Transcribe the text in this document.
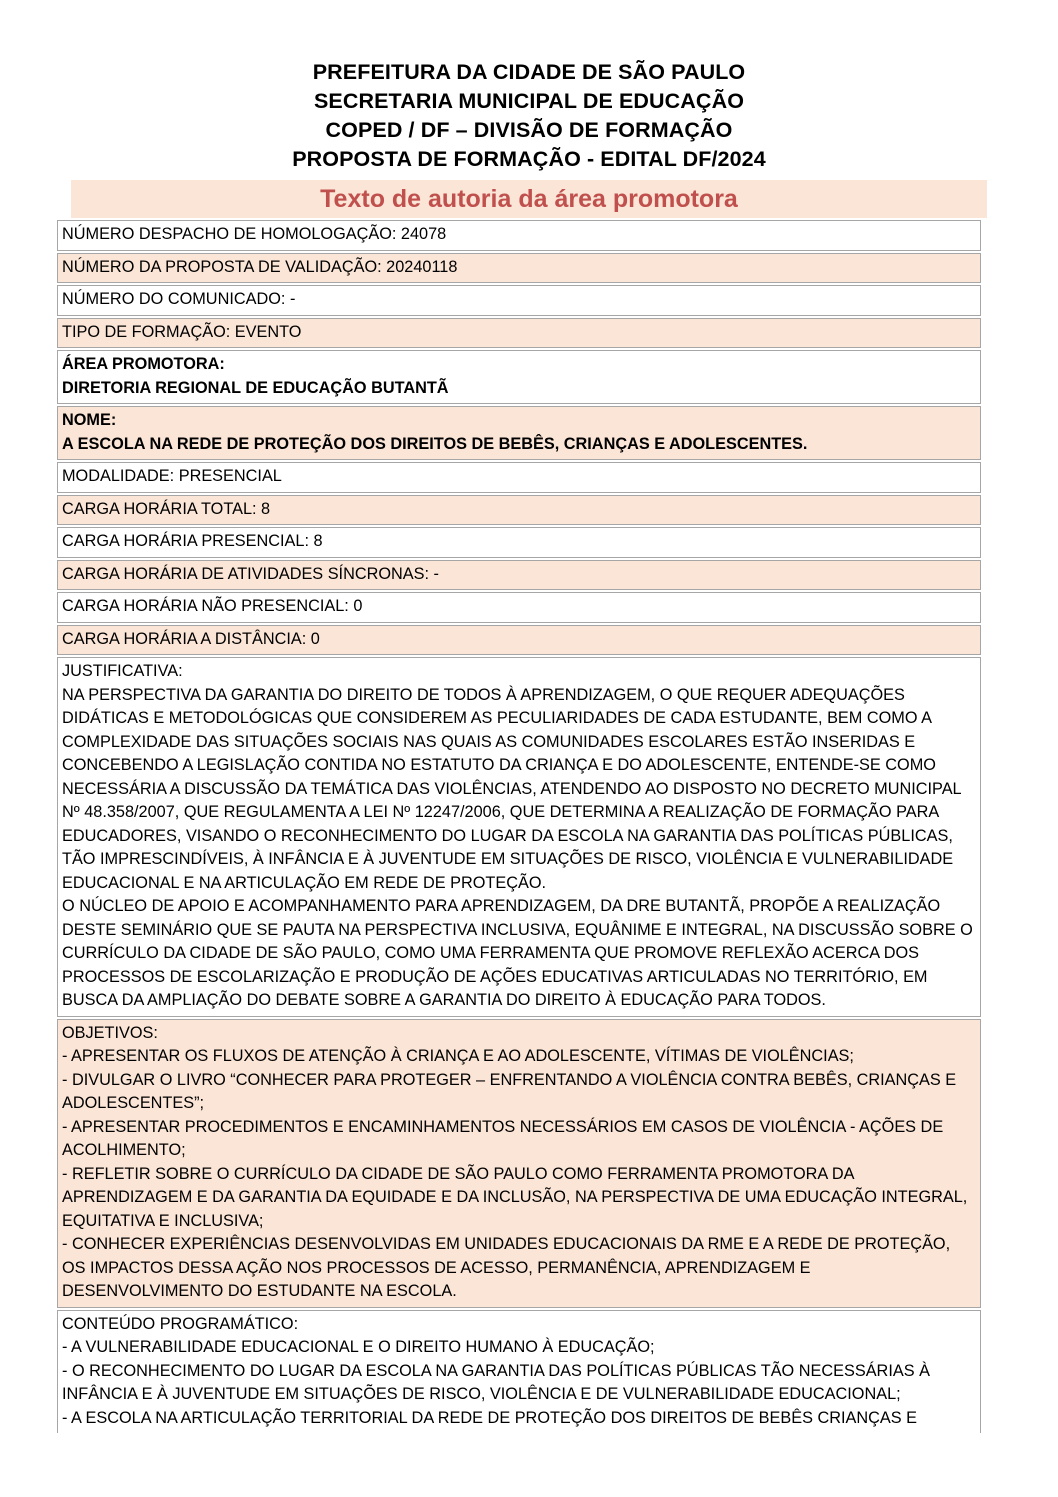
PREFEITURA DA CIDADE DE SÃO PAULO
SECRETARIA MUNICIPAL DE EDUCAÇÃO
COPED / DF – DIVISÃO DE FORMAÇÃO
PROPOSTA DE FORMAÇÃO - EDITAL DF/2024
Texto de autoria da área promotora
NÚMERO DESPACHO DE HOMOLOGAÇÃO: 24078
NÚMERO DA PROPOSTA DE VALIDAÇÃO: 20240118
NÚMERO DO COMUNICADO: -
TIPO DE FORMAÇÃO: EVENTO

ÁREA PROMOTORA:
DIRETORIA REGIONAL DE EDUCAÇÃO BUTANTÃ

NOME:
A ESCOLA NA REDE DE PROTEÇÃO DOS DIREITOS DE BEBÊS, CRIANÇAS E ADOLESCENTES.

MODALIDADE: PRESENCIAL
CARGA HORÁRIA TOTAL: 8
CARGA HORÁRIA PRESENCIAL: 8
CARGA HORÁRIA DE ATIVIDADES SÍNCRONAS: -
CARGA HORÁRIA NÃO PRESENCIAL: 0
CARGA HORÁRIA A DISTÂNCIA: 0

JUSTIFICATIVA:
NA PERSPECTIVA DA GARANTIA DO DIREITO DE TODOS À APRENDIZAGEM, O QUE REQUER ADEQUAÇÕES DIDÁTICAS E METODOLÓGICAS QUE CONSIDEREM AS PECULIARIDADES DE CADA ESTUDANTE, BEM COMO A COMPLEXIDADE DAS SITUAÇÕES SOCIAIS NAS QUAIS AS COMUNIDADES ESCOLARES ESTÃO INSERIDAS E CONCEBENDO A LEGISLAÇÃO CONTIDA NO ESTATUTO DA CRIANÇA E DO ADOLESCENTE, ENTENDE-SE COMO NECESSÁRIA A DISCUSSÃO DA TEMÁTICA DAS VIOLÊNCIAS, ATENDENDO AO DISPOSTO NO DECRETO MUNICIPAL Nº 48.358/2007, QUE REGULAMENTA A LEI Nº 12247/2006, QUE DETERMINA A REALIZAÇÃO DE FORMAÇÃO PARA EDUCADORES, VISANDO O RECONHECIMENTO DO LUGAR DA ESCOLA NA GARANTIA DAS POLÍTICAS PÚBLICAS, TÃO IMPRESCINDÍVEIS, À INFÂNCIA E À JUVENTUDE EM SITUAÇÕES DE RISCO, VIOLÊNCIA E VULNERABILIDADE EDUCACIONAL E NA ARTICULAÇÃO EM REDE DE PROTEÇÃO.
O NÚCLEO DE APOIO E ACOMPANHAMENTO PARA APRENDIZAGEM, DA DRE BUTANTÃ, PROPÕE A REALIZAÇÃO DESTE SEMINÁRIO QUE SE PAUTA NA PERSPECTIVA INCLUSIVA, EQUÂNIME E INTEGRAL, NA DISCUSSÃO SOBRE O CURRÍCULO DA CIDADE DE SÃO PAULO, COMO UMA FERRAMENTA QUE PROMOVE REFLEXÃO ACERCA DOS PROCESSOS DE ESCOLARIZAÇÃO E PRODUÇÃO DE AÇÕES EDUCATIVAS ARTICULADAS NO TERRITÓRIO, EM BUSCA DA AMPLIAÇÃO DO DEBATE SOBRE A GARANTIA DO DIREITO À EDUCAÇÃO PARA TODOS.

OBJETIVOS:
- APRESENTAR OS FLUXOS DE ATENÇÃO À CRIANÇA E AO ADOLESCENTE, VÍTIMAS DE VIOLÊNCIAS;
- DIVULGAR O LIVRO “CONHECER PARA PROTEGER – ENFRENTANDO A VIOLÊNCIA CONTRA BEBÊS, CRIANÇAS E ADOLESCENTES”;
- APRESENTAR PROCEDIMENTOS E ENCAMINHAMENTOS NECESSÁRIOS EM CASOS DE VIOLÊNCIA - AÇÕES DE ACOLHIMENTO;
- REFLETIR SOBRE O CURRÍCULO DA CIDADE DE SÃO PAULO COMO FERRAMENTA PROMOTORA DA APRENDIZAGEM E DA GARANTIA DA EQUIDADE E DA INCLUSÃO, NA PERSPECTIVA DE UMA EDUCAÇÃO INTEGRAL, EQUITATIVA E INCLUSIVA;
- CONHECER EXPERIÊNCIAS DESENVOLVIDAS EM UNIDADES EDUCACIONAIS DA RME E A REDE DE PROTEÇÃO, OS IMPACTOS DESSA AÇÃO NOS PROCESSOS DE ACESSO, PERMANÊNCIA, APRENDIZAGEM E DESENVOLVIMENTO DO ESTUDANTE NA ESCOLA.

CONTEÚDO PROGRAMÁTICO:
- A VULNERABILIDADE EDUCACIONAL E O DIREITO HUMANO À EDUCAÇÃO;
- O RECONHECIMENTO DO LUGAR DA ESCOLA NA GARANTIA DAS POLÍTICAS PÚBLICAS TÃO NECESSÁRIAS À INFÂNCIA E À JUVENTUDE EM SITUAÇÕES DE RISCO, VIOLÊNCIA E DE VULNERABILIDADE EDUCACIONAL;
- A ESCOLA NA ARTICULAÇÃO TERRITORIAL DA REDE DE PROTEÇÃO DOS DIREITOS DE BEBÊS CRIANÇAS E
